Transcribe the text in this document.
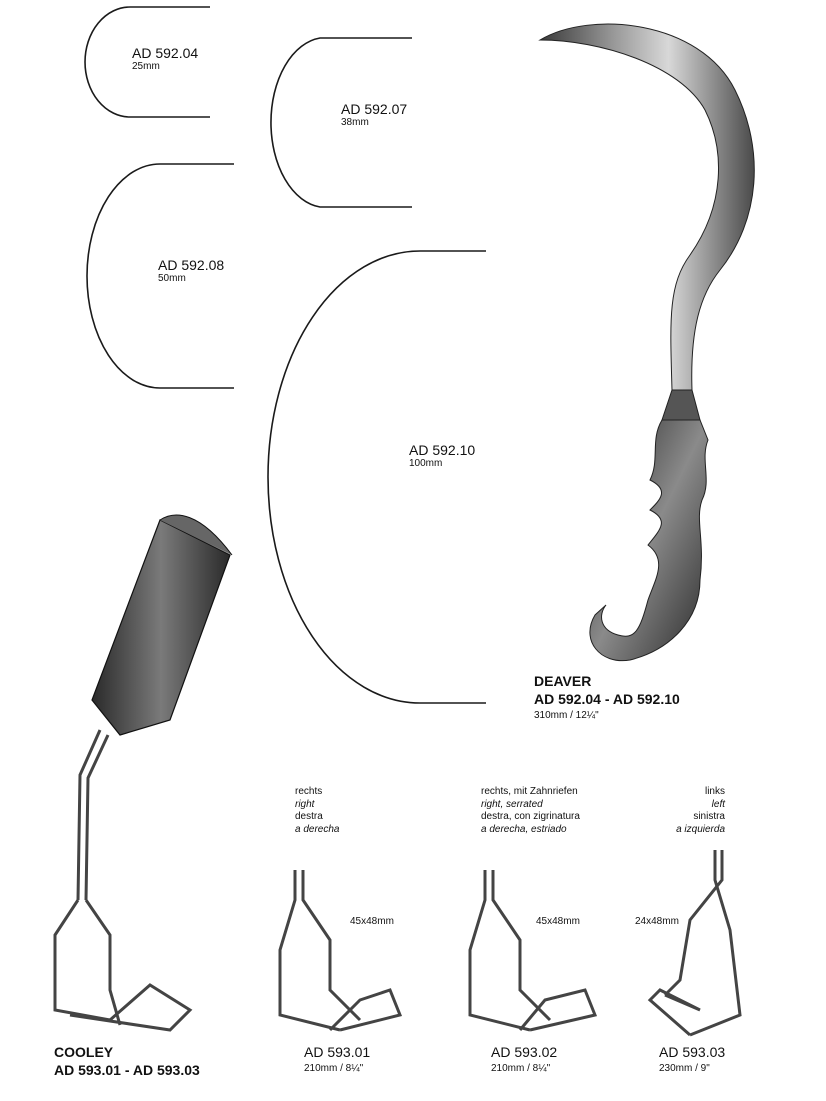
AD 592.04
25mm
AD 592.07
38mm
AD 592.08
50mm
AD 592.10
100mm
DEAVER
AD 592.04 - AD 592.10
310mm / 12¼"
rechts
right
destra
a derecha
rechts, mit Zahnriefen
right, serrated
destra, con zigrinatura
a derecha, estriado
links
left
sinistra
a izquierda
45x48mm	45x48mm	24x48mm
AD 593.01
210mm / 8¼"
AD 593.02
210mm / 8¼"
AD 593.03
230mm / 9"
COOLEY
AD 593.01 - AD 593.03
